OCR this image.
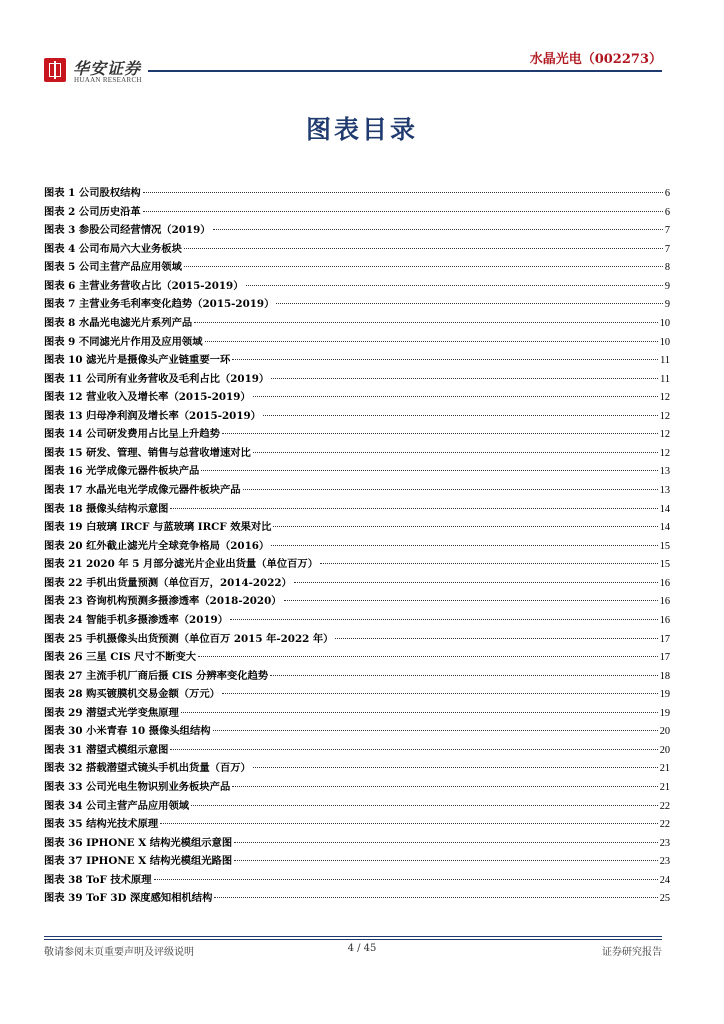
华安证券
HUAAN RESEARCH
水晶光电（002273）
图表目录
图表 1 公司股权结构	6
图表 2 公司历史沿革	6
图表 3 参股公司经营情况（2019）	7
图表 4 公司布局六大业务板块	7
图表 5 公司主营产品应用领域	8
图表 6 主营业务营收占比（2015-2019）	9
图表 7 主营业务毛利率变化趋势（2015-2019）	9
图表 8 水晶光电滤光片系列产品	10
图表 9 不同滤光片作用及应用领域	10
图表 10 滤光片是摄像头产业链重要一环	11
图表 11 公司所有业务营收及毛利占比（2019）	11
图表 12 营业收入及增长率（2015-2019）	12
图表 13 归母净利润及增长率（2015-2019）	12
图表 14 公司研发费用占比呈上升趋势	12
图表 15 研发、管理、销售与总营收增速对比	12
图表 16 光学成像元器件板块产品	13
图表 17 水晶光电光学成像元器件板块产品	13
图表 18 摄像头结构示意图	14
图表 19 白玻璃 IRCF 与蓝玻璃 IRCF 效果对比	14
图表 20 红外截止滤光片全球竞争格局（2016）	15
图表 21 2020 年 5 月部分滤光片企业出货量（单位百万）	15
图表 22 手机出货量预测（单位百万，2014-2022）	16
图表 23 咨询机构预测多摄渗透率（2018-2020）	16
图表 24 智能手机多摄渗透率（2019）	16
图表 25 手机摄像头出货预测（单位百万 2015 年-2022 年）	17
图表 26 三星 CIS 尺寸不断变大	17
图表 27 主流手机厂商后摄 CIS 分辨率变化趋势	18
图表 28 购买镀膜机交易金额（万元）	19
图表 29 潜望式光学变焦原理	19
图表 30 小米青春 10 摄像头组结构	20
图表 31 潜望式模组示意图	20
图表 32 搭载潜望式镜头手机出货量（百万）	21
图表 33 公司光电生物识别业务板块产品	21
图表 34 公司主营产品应用领域	22
图表 35 结构光技术原理	22
图表 36 IPHONE X 结构光模组示意图	23
图表 37 IPHONE X 结构光模组光路图	23
图表 38 ToF 技术原理	24
图表 39 ToF 3D 深度感知相机结构	25
敬请参阅末页重要声明及评级说明	4 / 45	证券研究报告
